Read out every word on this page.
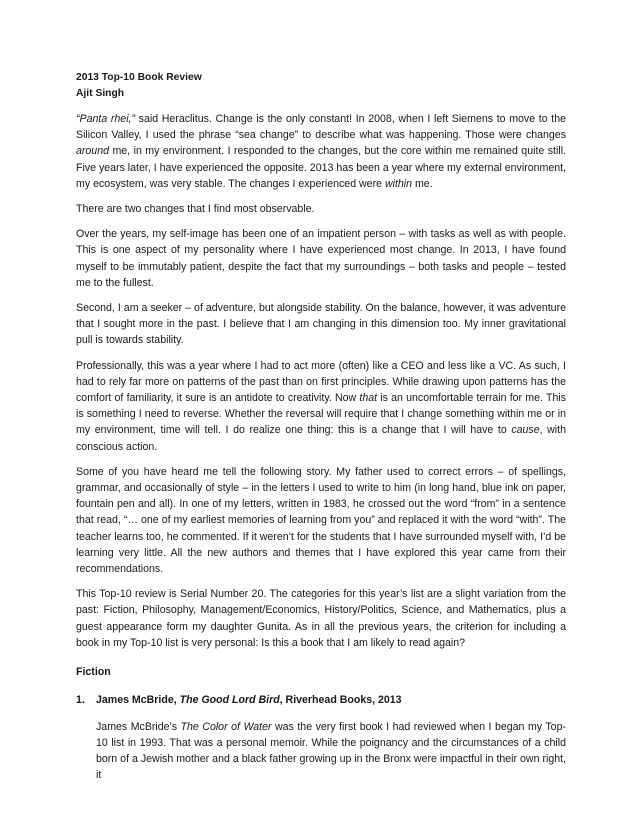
2013 Top-10 Book Review
Ajit Singh

“Panta rhei,” said Heraclitus. Change is the only constant! In 2008, when I left Siemens to move to the Silicon Valley, I used the phrase “sea change” to describe what was happening. Those were changes around me, in my environment. I responded to the changes, but the core within me remained quite still. Five years later, I have experienced the opposite. 2013 has been a year where my external environment, my ecosystem, was very stable. The changes I experienced were within me.

There are two changes that I find most observable.

Over the years, my self-image has been one of an impatient person – with tasks as well as with people. This is one aspect of my personality where I have experienced most change. In 2013, I have found myself to be immutably patient, despite the fact that my surroundings – both tasks and people – tested me to the fullest.

Second, I am a seeker – of adventure, but alongside stability. On the balance, however, it was adventure that I sought more in the past. I believe that I am changing in this dimension too. My inner gravitational pull is towards stability.

Professionally, this was a year where I had to act more (often) like a CEO and less like a VC. As such, I had to rely far more on patterns of the past than on first principles. While drawing upon patterns has the comfort of familiarity, it sure is an antidote to creativity. Now that is an uncomfortable terrain for me. This is something I need to reverse. Whether the reversal will require that I change something within me or in my environment, time will tell. I do realize one thing: this is a change that I will have to cause, with conscious action.

Some of you have heard me tell the following story. My father used to correct errors – of spellings, grammar, and occasionally of style – in the letters I used to write to him (in long hand, blue ink on paper, fountain pen and all). In one of my letters, written in 1983, he crossed out the word “from” in a sentence that read, “… one of my earliest memories of learning from you” and replaced it with the word “with”. The teacher learns too, he commented. If it weren’t for the students that I have surrounded myself with, I’d be learning very little. All the new authors and themes that I have explored this year came from their recommendations.

This Top-10 review is Serial Number 20. The categories for this year’s list are a slight variation from the past: Fiction, Philosophy, Management/Economics, History/Politics, Science, and Mathematics, plus a guest appearance form my daughter Gunita. As in all the previous years, the criterion for including a book in my Top-10 list is very personal: Is this a book that I am likely to read again?

Fiction
1.	James McBride, The Good Lord Bird, Riverhead Books, 2013

James McBride’s The Color of Water was the very first book I had reviewed when I began my Top-10 list in 1993. That was a personal memoir. While the poignancy and the circumstances of a child born of a Jewish mother and a black father growing up in the Bronx were impactful in their own right, it
